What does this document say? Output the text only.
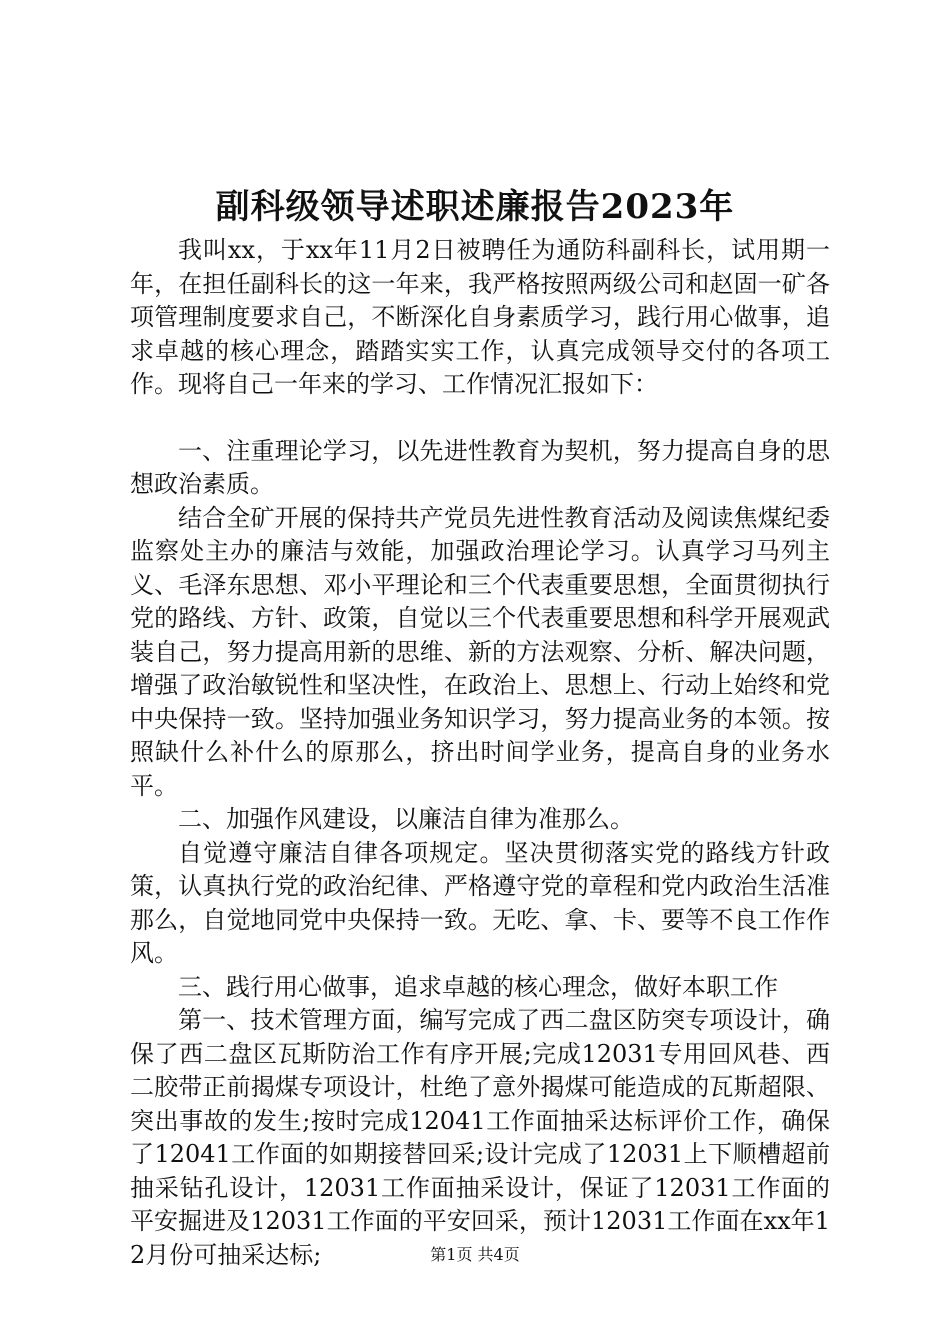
副科级领导述职述廉报告2023年

我叫xx，于xx年11月2日被聘任为通防科副科长，试用期一年，在担任副科长的这一年来，我严格按照两级公司和赵固一矿各项管理制度要求自己，不断深化自身素质学习，践行用心做事，追求卓越的核心理念，踏踏实实工作，认真完成领导交付的各项工作。现将自己一年来的学习、工作情况汇报如下：

一、注重理论学习，以先进性教育为契机，努力提高自身的思想政治素质。

结合全矿开展的保持共产党员先进性教育活动及阅读焦煤纪委监察处主办的廉洁与效能，加强政治理论学习。认真学习马列主义、毛泽东思想、邓小平理论和三个代表重要思想，全面贯彻执行党的路线、方针、政策，自觉以三个代表重要思想和科学开展观武装自己，努力提高用新的思维、新的方法观察、分析、解决问题，增强了政治敏锐性和坚决性，在政治上、思想上、行动上始终和党中央保持一致。坚持加强业务知识学习，努力提高业务的本领。按照缺什么补什么的原那么，挤出时间学业务，提高自身的业务水平。

二、加强作风建设，以廉洁自律为准那么。

自觉遵守廉洁自律各项规定。坚决贯彻落实党的路线方针政策，认真执行党的政治纪律、严格遵守党的章程和党内政治生活准那么，自觉地同党中央保持一致。无吃、拿、卡、要等不良工作作风。

三、践行用心做事，追求卓越的核心理念，做好本职工作

第一、技术管理方面，编写完成了西二盘区防突专项设计，确保了西二盘区瓦斯防治工作有序开展;完成12031专用回风巷、西二胶带正前揭煤专项设计，杜绝了意外揭煤可能造成的瓦斯超限、突出事故的发生;按时完成12041工作面抽采达标评价工作，确保了12041工作面的如期接替回采;设计完成了12031上下顺槽超前抽采钻孔设计，12031工作面抽采设计，保证了12031工作面的平安掘进及12031工作面的平安回采，预计12031工作面在xx年12月份可抽采达标;	第1页 共4页
